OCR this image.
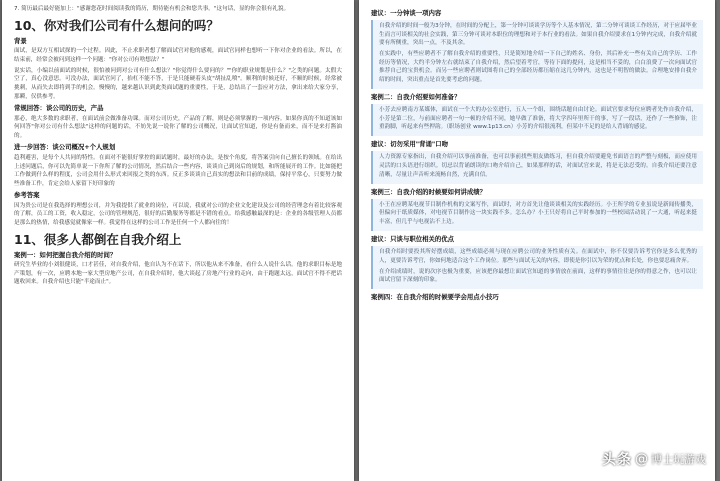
7. 简历最后最好能加上："感谢您花时间阅读我的简历，期待能有机会和您共事。"这句话，显的你会很有礼貌。

10、你对我们公司有什么想问的吗？
背景

面试，是双方互相试探的一个过程。因此，不止求职者想了解面试官对他的感观，面试官同样也想听一下你对企业的看法。所以，在结束前，经常会被问到这样一个问题："你对公司有啥想法？"

说实话，小编以前面试的时候，很怕被问到对公司有什么想法？"你觉得什么要问的？""你的职业规划是什么？"之类的问题。太假大空了，真心没意思。可没办法，面试官问了，抬杠不能不答，于是只能硬着头皮"胡扯乱喷"。顺利的时候还好，不顺的时候，经常被挑刺，从而失去即将到手的机会。慢慢的，越来越认识到此类面试题的重要性，于是，总结出了一套应对方法，拿出来给大家分享，那瞬，仅供参考。

常规回答：谈公司的历史，产品

那必，绝大多数的求职者，在面试前会做准备功课。而对公司历史，产品的了解，则是必须掌握的一项内容。如果你真的不知道该如何回答"你对公司有什么想法"这样的问题的话，不妨先说一说你了解的公司概况，让面试官知道，你是有备而来，而不是来打酱油的。

进一步回答：谈公司概况+个人规划

趋利避害，是每个人共同的特性。在面对不能很好掌控的面试题时，最好的办法，是按个角度，将答案引向自己擅长的领域。在给出上述问题后，你可以先简单说一下你所了解的公司情况，然后结合一些内容，谈谈自己到岗后的规划，和所能展开的工作。比如能把工作做到什么样的程度，公司会用什么形式来回报之类的东西。反正多谈谈自己真实的想法和目前的成绩，保持平常心，只要努力做些准备工作，肯定会给人家留下好印象的

参考答案

因为贵公司是在我选择的理想公司，并为我提供了就业的岗位，可以说，我就对公司的企业文化建设及公司的经营理念有着比较客观的了解，员工的工资，收入稳定，公司的管理规范，很好的后勤服务等都是不错的看点。给我感触最深的是：企业的各级管理人员都是那么的热情，给我感觉就像家一样。我觉得在这样的公司工作是任何一个人都向往的！

11、很多人都倒在自我介绍上
案例一：如何把握自我介绍的时间？

研究生毕业的小刘很健谈，口才甚佳，对自我介绍，他自认为不在话下，所以他从来不准备，看什么人说什么话。他的求职目标是地产策划，有一次，应聘本地一家大型房地产公司，在自我介绍时，他大谈起了房地产行业的走向，由于跑题太远，面试官不得不把话题收回来。自我介绍也只能"半途而止"。

建议：一分钟谈一项内容

自我介绍的时间一般为3分钟，在时间的分配上，第一分钟可谈谈学历等个人基本情况，第二分钟可谈谈工作经历，对于应届毕业生而言可谈相关的社会实践，第三分钟可谈对本职位的理想和对于本行业的看法。如果自我介绍要求在1分钟内完成，自我介绍就要有所侧重，突出一点，不及其余。

在实践中，有些应聘者不了解自我介绍的重要性，只是简短地介绍一下自己的姓名、身份，其后补充一些有关自己的学历、工作经历等情况，大约半分钟左右就结束了自我介绍，然后望着考官，等待下面的提问，这是相当不妥的，白白浪费了一次向面试官推荐自己的宝贵机会。而另一些应聘者则试图将自己的全部经历都压缩在这几分钟内，这也是不明智的做法。合理地安排自我介绍的时间，突出重点是首先要考虑的问题。

案例二：自我介绍要如何准备？

小芳去应聘南方某媒体，面试在一个大的办公室进行，五人一个组，围绕话题自由讨论。面试官要求每位应聘者先作自我介绍，小芳是第二位，与前面应聘者一句一顿的介绍不同，她早做了准备，将大学四年里所干的事，写了一段话，还作了一些修饰，注重韵脚，听起来有些押韵。（职场创业 www.1p13.cn）小芳的介绍很流利，但某中不足的是给人背诵的感觉。

建议：切勿采用"背诵"口吻

人力资源专家指出，自我介绍可以事前准备，也可以事前找些朋友做练习，但自我介绍要避免书面语言的严整与刻板，而应使用灵活的口头语进行组织。切忌以背诵朗读的口吻介绍自己，如果那样的话，对面试官来说，将是无法忍受的。自我介绍还要注意清晰，尽量让声音听来流畅自然，充满自信。

案例三：自我介绍的时候要如何讲成绩？

小王在应聘某电视节目制作机构的文案写作，面试时，对方首先让他谈谈相关的实践经历。小王所学的专业虽说是新闻传播类，但偏向于纸质媒体，对电视节目制作这一块实践不多。怎么办？小王只好将自己平时参加的一些校园活动说了一大通，听起来挺丰富，但几乎与电视沾不上边。

建议：只谈与职位相关的优点

自我介绍时要投其所好摆成绩，这些成绩必须与现在应聘公司的业务性质有关。在面试中，你不仅要告诉考官你是多么优秀的人，更要告诉考官，你如何地适合这个工作岗位。那些与面试无关的内容，即使是你引以为荣的优点和长处，你也要忍痛舍弃。

在介绍成绩时，说的次序也极为重要，应该把你最想让面试官知道的事情放在前面，这样的事情往往是你的得意之作，也可以让面试官留下深刻的印象。

案例四：在自我介绍的时候要学会用点小技巧
头条 @ 博士玩游戏
